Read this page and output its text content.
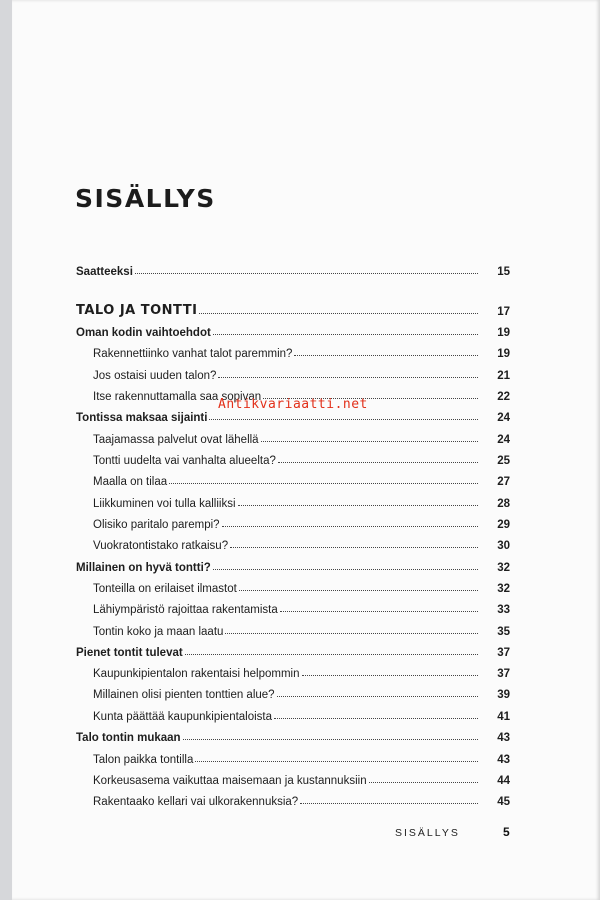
SISÄLLYS
Saatteeksi	15
TALO JA TONTTI	17
Oman kodin vaihtoehdot	19
Rakennettiinko vanhat talot paremmin?	19
Jos ostaisi uuden talon?	21
Itse rakennuttamalla saa sopivan	22
Tontissa maksaa sijainti	24
Taajamassa palvelut ovat lähellä	24
Tontti uudelta vai vanhalta alueelta?	25
Maalla on tilaa	27
Liikkuminen voi tulla kalliiksi	28
Olisiko paritalo parempi?	29
Vuokratontistako ratkaisu?	30
Millainen on hyvä tontti?	32
Tonteilla on erilaiset ilmastot	32
Lähiympäristö rajoittaa rakentamista	33
Tontin koko ja maan laatu	35
Pienet tontit tulevat	37
Kaupunkipientalon rakentaisi helpommin	37
Millainen olisi pienten tonttien alue?	39
Kunta päättää kaupunkipientaloista	41
Talo tontin mukaan	43
Talon paikka tontilla	43
Korkeusasema vaikuttaa maisemaan ja kustannuksiin	44
Rakentaako kellari vai ulkorakennuksia?	45
Antikvariaatti.net
SISÄLLYS	5
